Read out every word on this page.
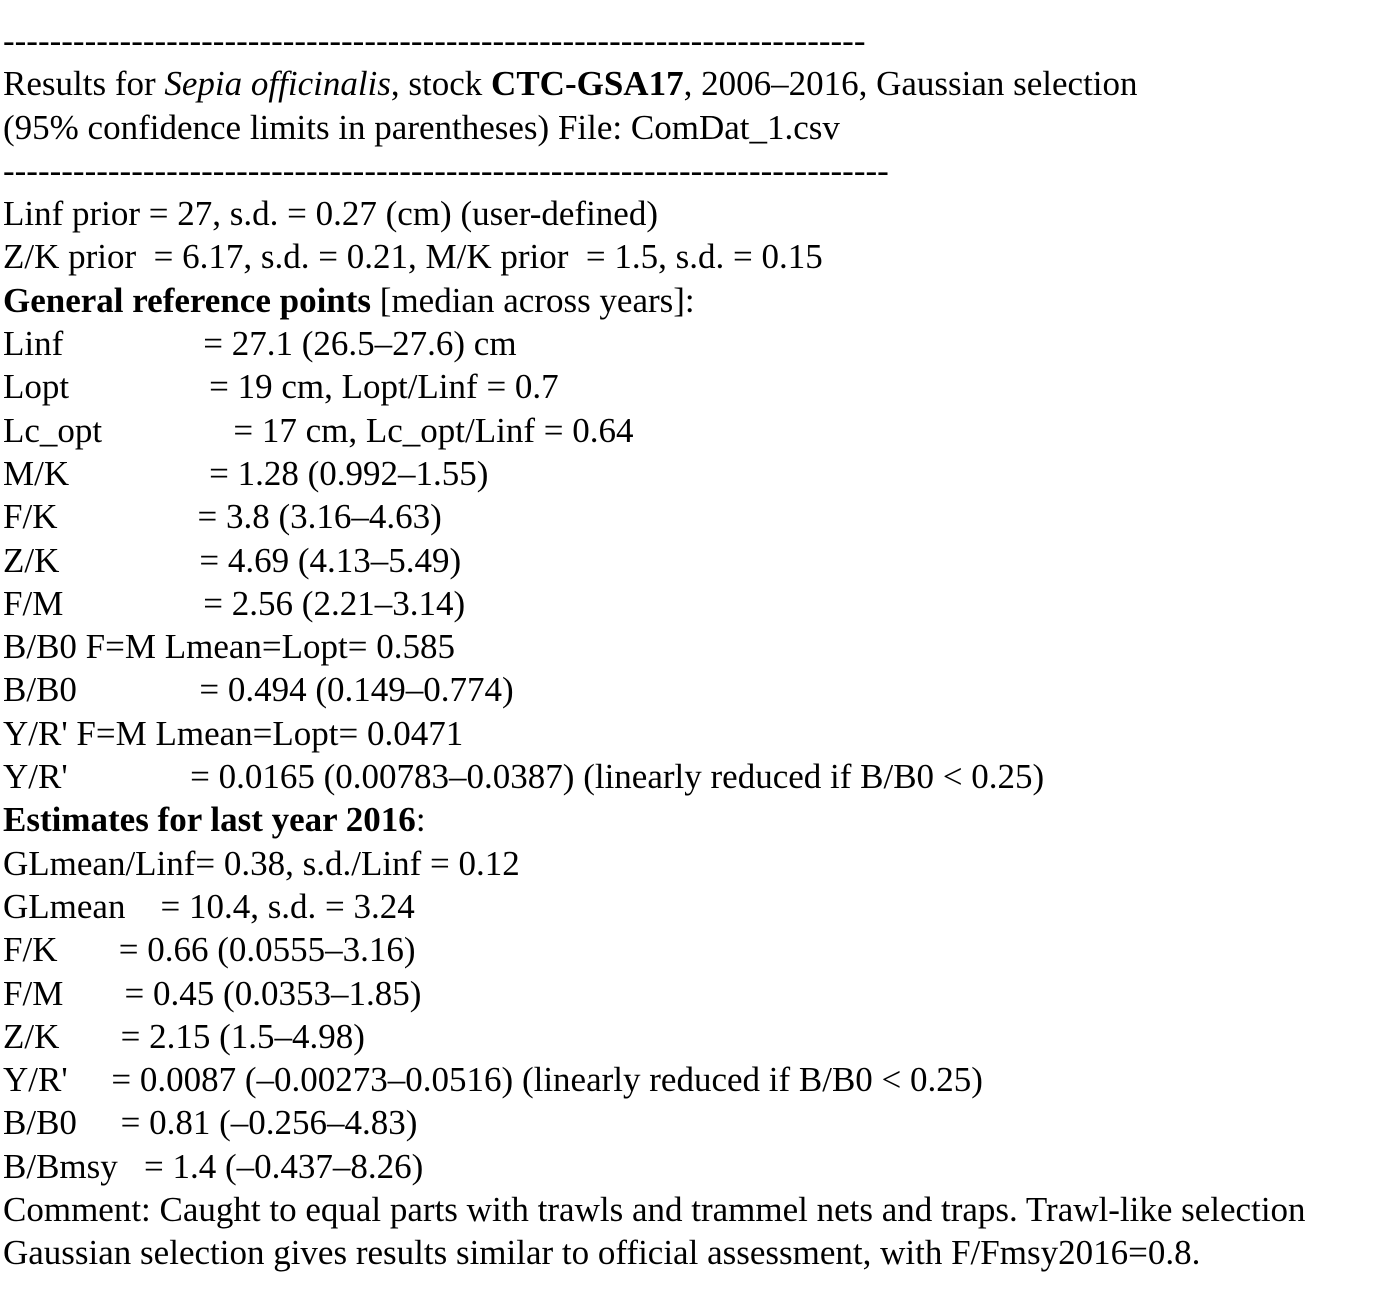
--------------------------------------------------------------------------
Results for Sepia officinalis, stock CTC-GSA17, 2006–2016, Gaussian selection
(95% confidence limits in parentheses) File: ComDat_1.csv
----------------------------------------------------------------------------
Linf prior = 27, s.d. = 0.27 (cm) (user-defined)
Z/K prior  = 6.17, s.d. = 0.21, M/K prior  = 1.5, s.d. = 0.15
General reference points [median across years]:
Linf                = 27.1 (26.5–27.6) cm
Lopt                = 19 cm, Lopt/Linf = 0.7
Lc_opt               = 17 cm, Lc_opt/Linf = 0.64
M/K                = 1.28 (0.992–1.55)
F/K                = 3.8 (3.16–4.63)
Z/K                = 4.69 (4.13–5.49)
F/M                = 2.56 (2.21–3.14)
B/B0 F=M Lmean=Lopt= 0.585
B/B0              = 0.494 (0.149–0.774)
Y/R' F=M Lmean=Lopt= 0.0471
Y/R'              = 0.0165 (0.00783–0.0387) (linearly reduced if B/B0 < 0.25)
Estimates for last year 2016:
GLmean/Linf= 0.38, s.d./Linf = 0.12
GLmean    = 10.4, s.d. = 3.24
F/K       = 0.66 (0.0555–3.16)
F/M       = 0.45 (0.0353–1.85)
Z/K       = 2.15 (1.5–4.98)
Y/R'     = 0.0087 (–0.00273–0.0516) (linearly reduced if B/B0 < 0.25)
B/B0     = 0.81 (–0.256–4.83)
B/Bmsy   = 1.4 (–0.437–8.26)
Comment: Caught to equal parts with trawls and trammel nets and traps. Trawl-like selection
Gaussian selection gives results similar to official assessment, with F/Fmsy2016=0.8.
